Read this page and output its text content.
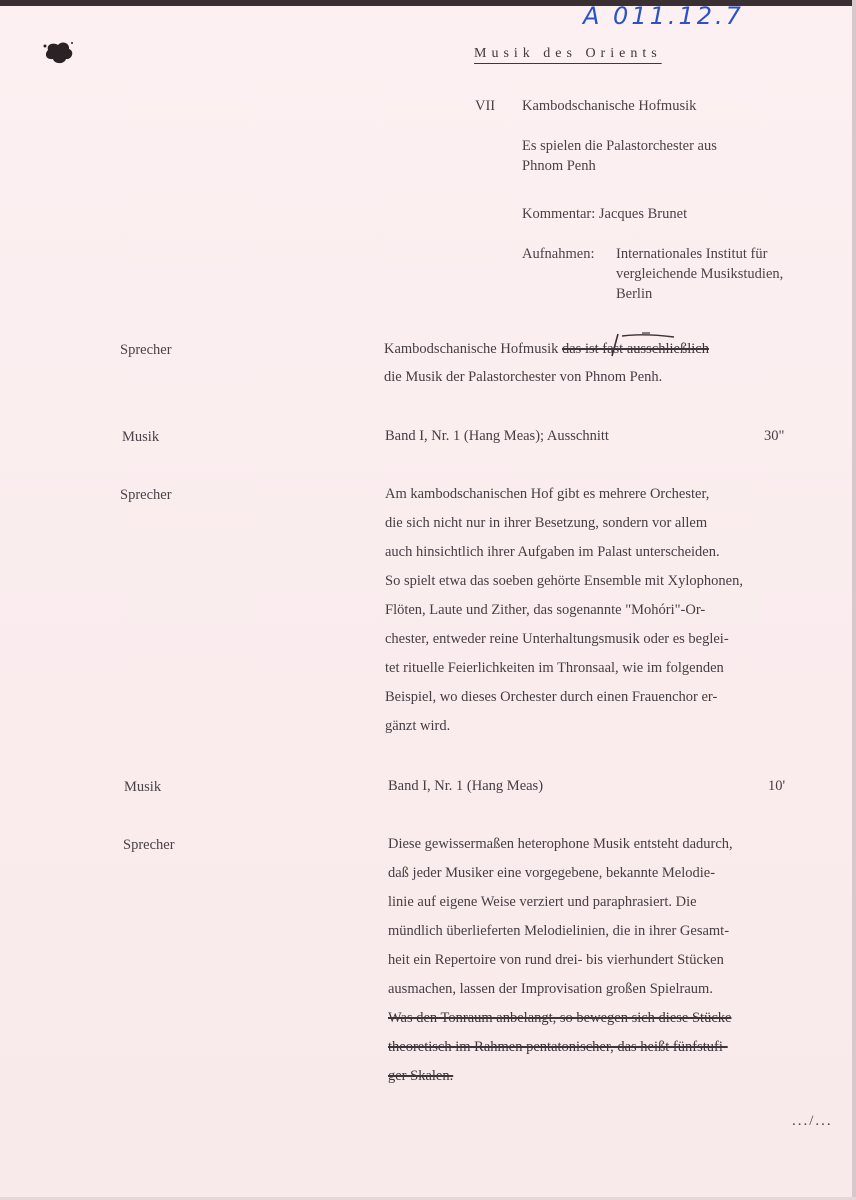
A 011.12.7
Musik des Orients
VII Kambodschanische Hofmusik
Es spielen die Palastorchester aus
Phnom Penh
Kommentar: Jacques Brunet
Aufnahmen: Internationales Institut für
vergleichende Musikstudien,
Berlin
Sprecher	Kambodschanische Hofmusik das ist fast ausschließlich
die Musik der Palastorchester von Phnom Penh.
Musik	Band I, Nr. 1 (Hang Meas); Ausschnitt	30"
Sprecher	Am kambodschanischen Hof gibt es mehrere Orchester,
die sich nicht nur in ihrer Besetzung, sondern vor allem
auch hinsichtlich ihrer Aufgaben im Palast unterscheiden.
So spielt etwa das soeben gehörte Ensemble mit Xylophonen,
Flöten, Laute und Zither, das sogenannte "Mohóri"-Or-
chester, entweder reine Unterhaltungsmusik oder es beglei-
tet rituelle Feierlichkeiten im Thronsaal, wie im folgenden
Beispiel, wo dieses Orchester durch einen Frauenchor er-
gänzt wird.
Musik	Band I, Nr. 1 (Hang Meas)	10'
Sprecher	Diese gewissermaßen heterophone Musik entsteht dadurch,
daß jeder Musiker eine vorgegebene, bekannte Melodie-
linie auf eigene Weise verziert und paraphrasiert. Die
mündlich überlieferten Melodielinien, die in ihrer Gesamt-
heit ein Repertoire von rund drei- bis vierhundert Stücken
ausmachen, lassen der Improvisation großen Spielraum.
Was den Tonraum anbelangt, so bewegen sich diese Stücke
theoretisch im Rahmen pentatonischer, das heißt fünfstufi-
ger Skalen.
.../...
